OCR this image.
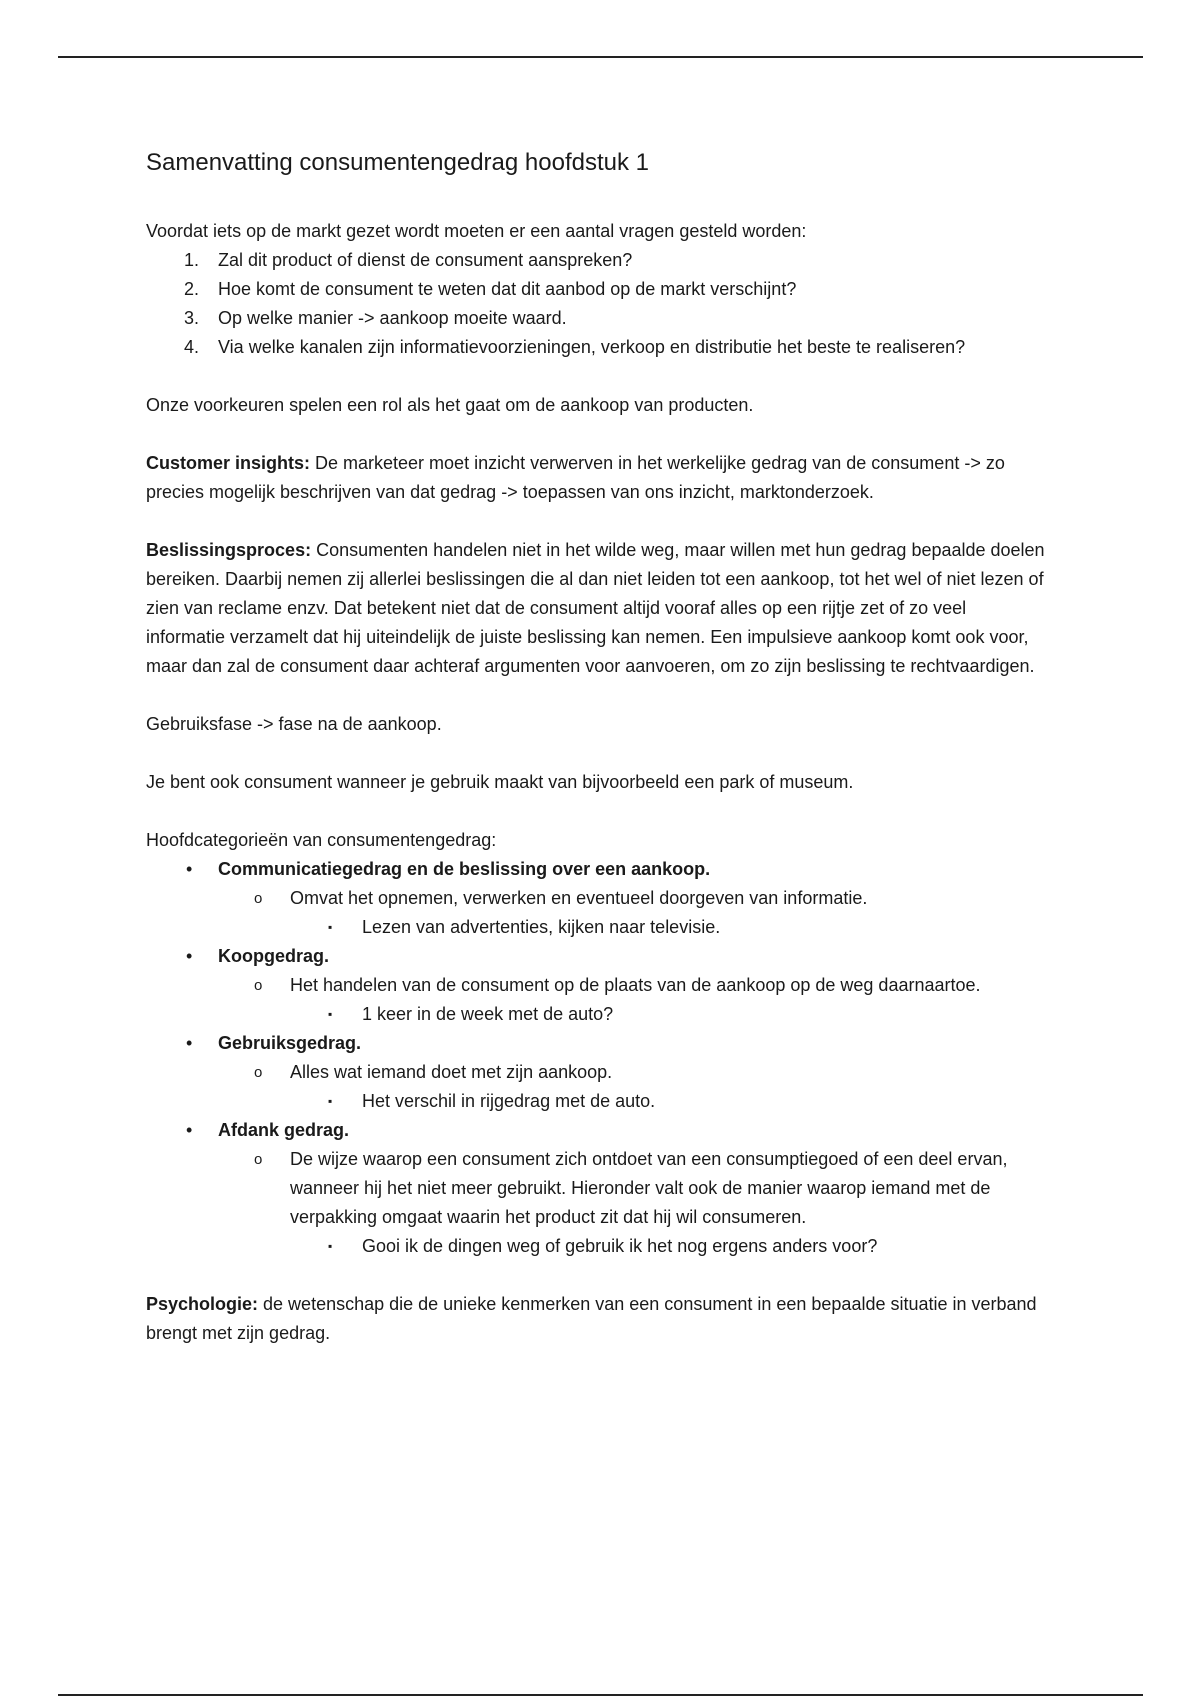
Samenvatting consumentengedrag hoofdstuk 1

Voordat iets op de markt gezet wordt moeten er een aantal vragen gesteld worden:

1. Zal dit product of dienst de consument aanspreken?
2. Hoe komt de consument te weten dat dit aanbod op de markt verschijnt?
3. Op welke manier -> aankoop moeite waard.
4. Via welke kanalen zijn informatievoorzieningen, verkoop en distributie het beste te realiseren?

Onze voorkeuren spelen een rol als het gaat om de aankoop van producten.

Customer insights: De marketeer moet inzicht verwerven in het werkelijke gedrag van de consument -> zo precies mogelijk beschrijven van dat gedrag -> toepassen van ons inzicht, marktonderzoek.

Beslissingsproces: Consumenten handelen niet in het wilde weg, maar willen met hun gedrag bepaalde doelen bereiken. Daarbij nemen zij allerlei beslissingen die al dan niet leiden tot een aankoop, tot het wel of niet lezen of zien van reclame enzv. Dat betekent niet dat de consument altijd vooraf alles op een rijtje zet of zo veel informatie verzamelt dat hij uiteindelijk de juiste beslissing kan nemen. Een impulsieve aankoop komt ook voor, maar dan zal de consument daar achteraf argumenten voor aanvoeren, om zo zijn beslissing te rechtvaardigen.

Gebruiksfase -> fase na de aankoop.

Je bent ook consument wanneer je gebruik maakt van bijvoorbeeld een park of museum.

Hoofdcategorieën van consumentengedrag:

• Communicatiegedrag en de beslissing over een aankoop.
o Omvat het opnemen, verwerken en eventueel doorgeven van informatie.
▪ Lezen van advertenties, kijken naar televisie.
• Koopgedrag.
o Het handelen van de consument op de plaats van de aankoop op de weg daarnaartoe.
▪ 1 keer in de week met de auto?
• Gebruiksgedrag.
o Alles wat iemand doet met zijn aankoop.
▪ Het verschil in rijgedrag met de auto.
• Afdank gedrag.
o De wijze waarop een consument zich ontdoet van een consumptiegoed of een deel ervan, wanneer hij het niet meer gebruikt. Hieronder valt ook de manier waarop iemand met de verpakking omgaat waarin het product zit dat hij wil consumeren.
▪ Gooi ik de dingen weg of gebruik ik het nog ergens anders voor?

Psychologie: de wetenschap die de unieke kenmerken van een consument in een bepaalde situatie in verband brengt met zijn gedrag.
